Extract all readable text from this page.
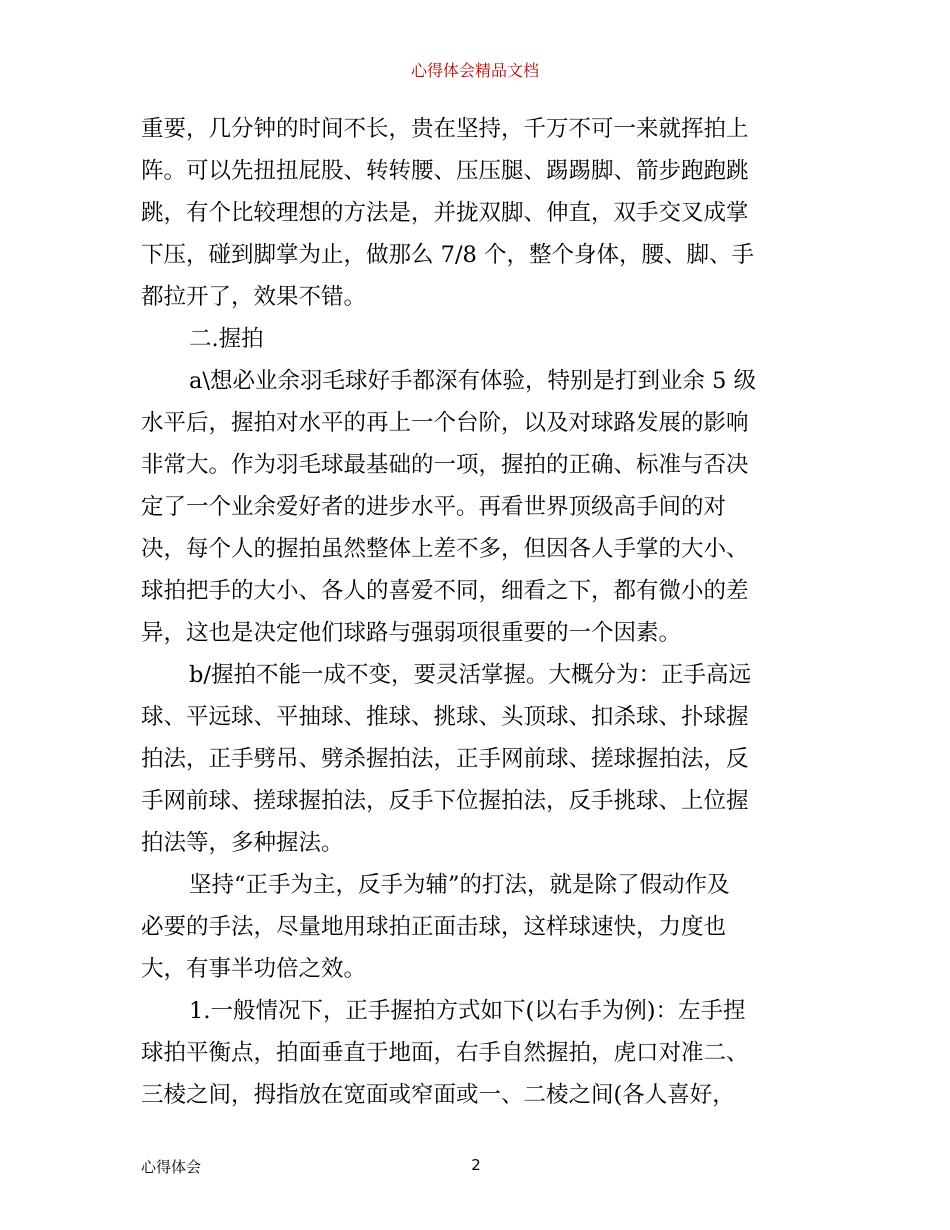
心得体会精品文档
重要，几分钟的时间不长，贵在坚持，千万不可一来就挥拍上
阵。可以先扭扭屁股、转转腰、压压腿、踢踢脚、箭步跑跑跳
跳，有个比较理想的方法是，并拢双脚、伸直，双手交叉成掌
下压，碰到脚掌为止，做那么 7/8 个，整个身体，腰、脚、手
都拉开了，效果不错。
二.握拍
a\想必业余羽毛球好手都深有体验，特别是打到业余 5 级
水平后，握拍对水平的再上一个台阶，以及对球路发展的影响
非常大。作为羽毛球最基础的一项，握拍的正确、标准与否决
定了一个业余爱好者的进步水平。再看世界顶级高手间的对
决，每个人的握拍虽然整体上差不多，但因各人手掌的大小、
球拍把手的大小、各人的喜爱不同，细看之下，都有微小的差
异，这也是决定他们球路与强弱项很重要的一个因素。
b/握拍不能一成不变，要灵活掌握。大概分为：正手高远
球、平远球、平抽球、推球、挑球、头顶球、扣杀球、扑球握
拍法，正手劈吊、劈杀握拍法，正手网前球、搓球握拍法，反
手网前球、搓球握拍法，反手下位握拍法，反手挑球、上位握
拍法等，多种握法。
坚持“正手为主，反手为辅”的打法，就是除了假动作及
必要的手法，尽量地用球拍正面击球，这样球速快，力度也
大，有事半功倍之效。
1.一般情况下，正手握拍方式如下(以右手为例)：左手捏
球拍平衡点，拍面垂直于地面，右手自然握拍，虎口对准二、
三棱之间，拇指放在宽面或窄面或一、二棱之间(各人喜好，
心得体会	2
